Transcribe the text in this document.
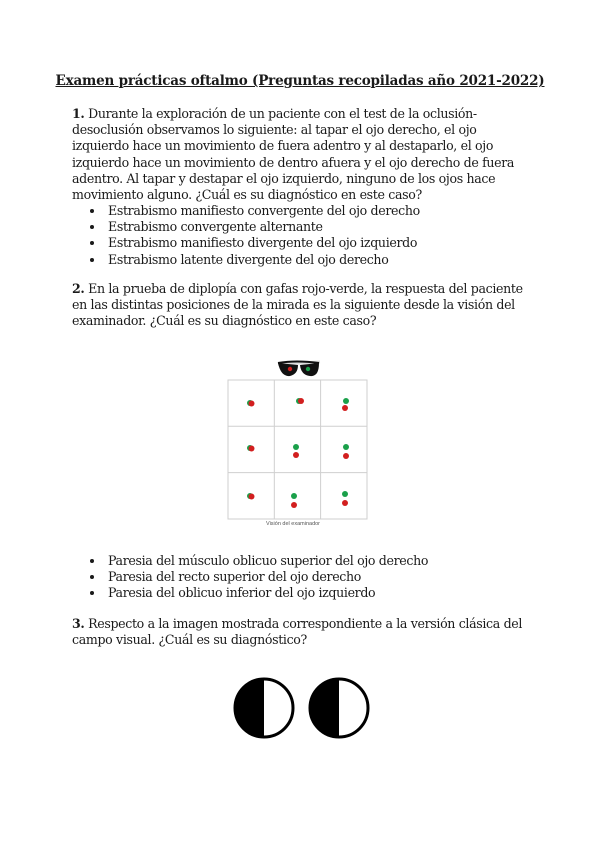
Examen prácticas oftalmo (Preguntas recopiladas año 2021-2022)
1. Durante la exploración de un paciente con el test de la oclusión-desoclusión observamos lo siguiente: al tapar el ojo derecho, el ojo izquierdo hace un movimiento de fuera adentro y al destaparlo, el ojo izquierdo hace un movimiento de dentro afuera y el ojo derecho de fuera adentro. Al tapar y destapar el ojo izquierdo, ninguno de los ojos hace movimiento alguno. ¿Cuál es su diagnóstico en este caso?
Estrabismo manifiesto convergente del ojo derecho
Estrabismo convergente alternante
Estrabismo manifiesto divergente del ojo izquierdo
Estrabismo latente divergente del ojo derecho
2. En la prueba de diplopía con gafas rojo-verde, la respuesta del paciente en las distintas posiciones de la mirada es la siguiente desde la visión del examinador. ¿Cuál es su diagnóstico en este caso?
Visión del examinador
Paresia del músculo oblicuo superior del ojo derecho
Paresia del recto superior del ojo derecho
Paresia del oblicuo inferior del ojo izquierdo
3. Respecto a la imagen mostrada correspondiente a la versión clásica del campo visual. ¿Cuál es su diagnóstico?
